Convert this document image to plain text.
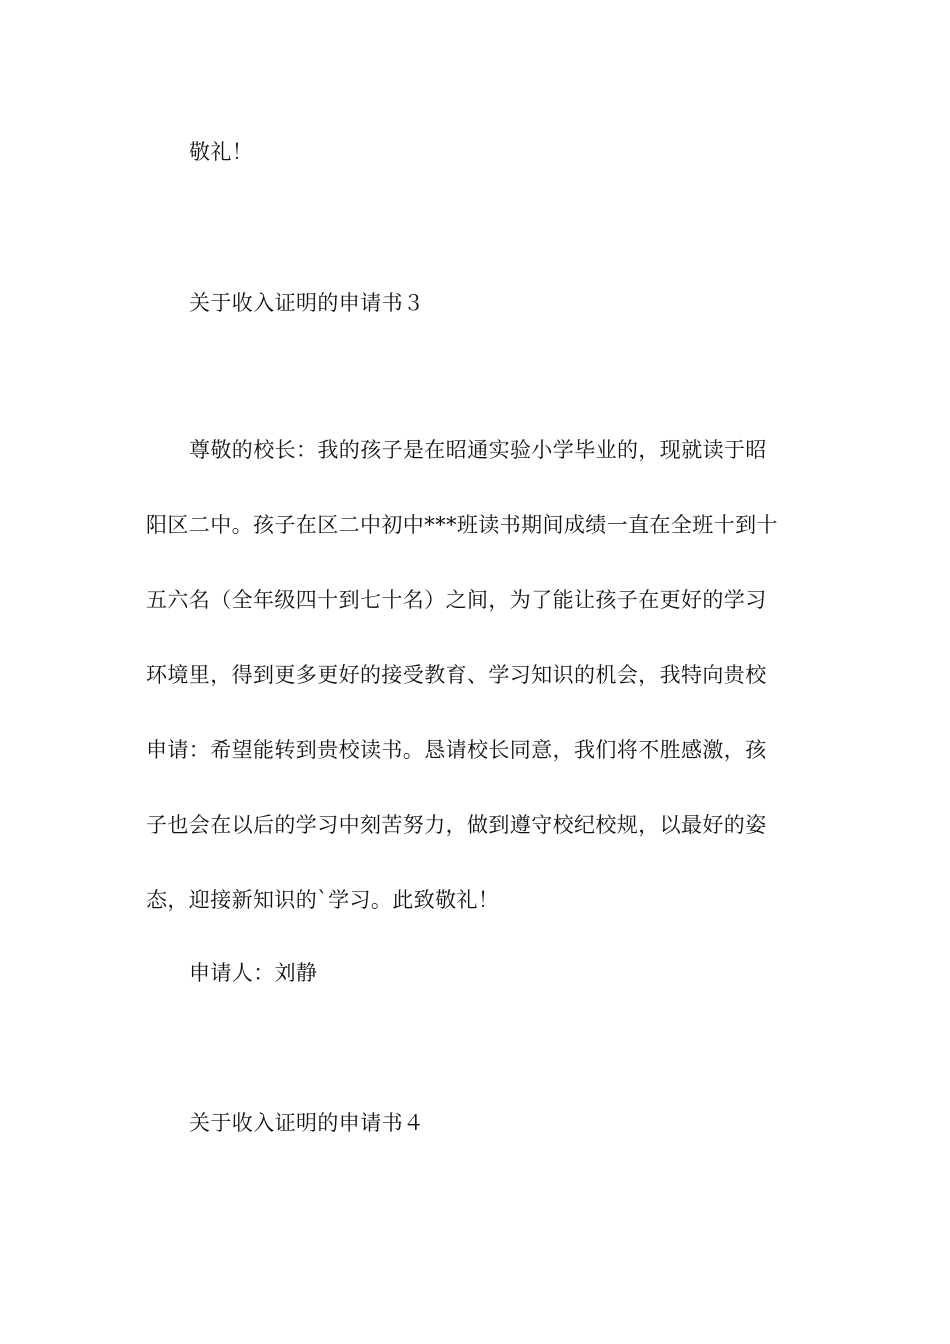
敬礼！
关于收入证明的申请书３
尊敬的校长：我的孩子是在昭通实验小学毕业的，现就读于昭
阳区二中。孩子在区二中初中***班读书期间成绩一直在全班十到十
五六名（全年级四十到七十名）之间，为了能让孩子在更好的学习
环境里，得到更多更好的接受教育、学习知识的机会，我特向贵校
申请：希望能转到贵校读书。恳请校长同意，我们将不胜感激，孩
子也会在以后的学习中刻苦努力，做到遵守校纪校规，以最好的姿
态，迎接新知识的`学习。此致敬礼！
申请人：刘静
关于收入证明的申请书４
